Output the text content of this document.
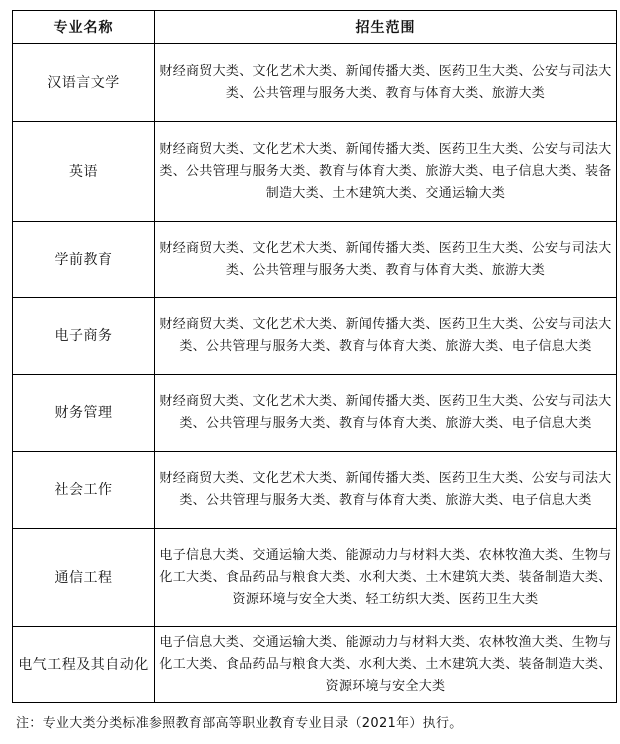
专业名称	招生范围
汉语言文学	财经商贸大类、文化艺术大类、新闻传播大类、医药卫生大类、公安与司法大类、公共管理与服务大类、教育与体育大类、旅游大类
英语	财经商贸大类、文化艺术大类、新闻传播大类、医药卫生大类、公安与司法大类、公共管理与服务大类、教育与体育大类、旅游大类、电子信息大类、装备制造大类、土木建筑大类、交通运输大类
学前教育	财经商贸大类、文化艺术大类、新闻传播大类、医药卫生大类、公安与司法大类、公共管理与服务大类、教育与体育大类、旅游大类
电子商务	财经商贸大类、文化艺术大类、新闻传播大类、医药卫生大类、公安与司法大类、公共管理与服务大类、教育与体育大类、旅游大类、电子信息大类
财务管理	财经商贸大类、文化艺术大类、新闻传播大类、医药卫生大类、公安与司法大类、公共管理与服务大类、教育与体育大类、旅游大类、电子信息大类
社会工作	财经商贸大类、文化艺术大类、新闻传播大类、医药卫生大类、公安与司法大类、公共管理与服务大类、教育与体育大类、旅游大类、电子信息大类
通信工程	电子信息大类、交通运输大类、能源动力与材料大类、农林牧渔大类、生物与化工大类、食品药品与粮食大类、水利大类、土木建筑大类、装备制造大类、资源环境与安全大类、轻工纺织大类、医药卫生大类
电气工程及其自动化	电子信息大类、交通运输大类、能源动力与材料大类、农林牧渔大类、生物与化工大类、食品药品与粮食大类、水利大类、土木建筑大类、装备制造大类、资源环境与安全大类
注：专业大类分类标准参照教育部高等职业教育专业目录（2021年）执行。
